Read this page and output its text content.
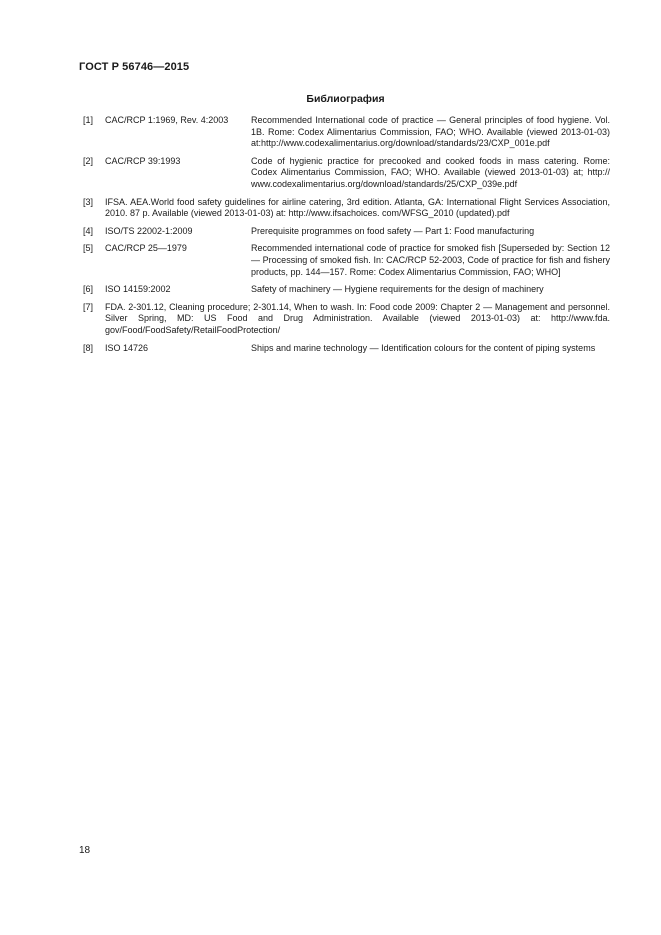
ГОСТ Р 56746—2015
Библиография
[1] CAC/RCP 1:1969, Rev. 4:2003	Recommended International code of practice — General principles of food hygiene. Vol. 1B. Rome: Codex Alimentarius Commission, FAO; WHO. Available (viewed 2013-01-03) at:http://www.codexalimentarius.org/download/standards/23/CXP_001e.pdf
[2] CAC/RCP 39:1993	Code of hygienic practice for precooked and cooked foods in mass catering. Rome: Codex Alimentarius Commission, FAO; WHO. Available (viewed 2013-01-03) at; http:// www.codexalimentarius.org/download/standards/25/CXP_039e.pdf
[3] IFSA. AEA.World food safety guidelines for airline catering, 3rd edition. Atlanta, GA: International Flight Services Association, 2010. 87 p. Available (viewed 2013-01-03) at: http://www.ifsachoices. com/WFSG_2010 (updated).pdf
[4] ISO/TS 22002-1:2009	Prerequisite programmes on food safety — Part 1: Food manufacturing
[5] CAC/RCP 25—1979	Recommended international code of practice for smoked fish [Superseded by: Section 12 — Processing of smoked fish. In: CAC/RCP 52-2003, Code of practice for fish and fishery products, pp. 144—157. Rome: Codex Alimentarius Commission, FAO; WHO]
[6] ISO 14159:2002	Safety of machinery — Hygiene requirements for the design of machinery
[7] FDA. 2-301.12, Cleaning procedure; 2-301.14, When to wash. In: Food code 2009: Chapter 2 — Management and personnel. Silver Spring, MD: US Food and Drug Administration. Available (viewed 2013-01-03) at: http://www.fda. gov/Food/FoodSafety/RetailFoodProtection/
[8] ISO 14726	Ships and marine technology — Identification colours for the content of piping systems
18
